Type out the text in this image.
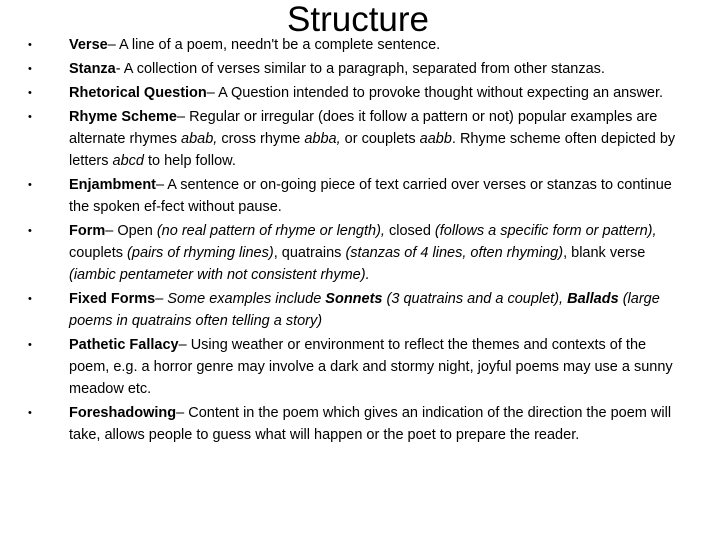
Structure
•	Verse– A line of a poem, needn't be a complete sentence.
•	Stanza- A collection of verses similar to a paragraph, separated from other stanzas.
•	Rhetorical Question– A Question intended to provoke thought without expecting an answer.
•	Rhyme Scheme– Regular or irregular (does it follow a pattern or not) popular examples are alternate rhymes abab, cross rhyme abba, or couplets aabb. Rhyme scheme often depicted by letters abcd to help follow.
•	Enjambment– A sentence or on-going piece of text carried over verses or stanzas to continue the spoken ef-fect without pause.
•	Form– Open (no real pattern of rhyme or length), closed (follows a specific form or pattern), couplets (pairs of rhyming lines), quatrains (stanzas of 4 lines, often rhyming), blank verse (iambic pentameter with not consistent rhyme).
•	Fixed Forms– Some examples include Sonnets (3 quatrains and a couplet), Ballads (large poems in quatrains often telling a story)
•	Pathetic Fallacy– Using weather or environment to reflect the themes and contexts of the poem, e.g. a horror genre may involve a dark and stormy night, joyful poems may use a sunny meadow etc.
•	Foreshadowing– Content in the poem which gives an indication of the direction the poem will take, allows people to guess what will happen or the poet to prepare the reader.
